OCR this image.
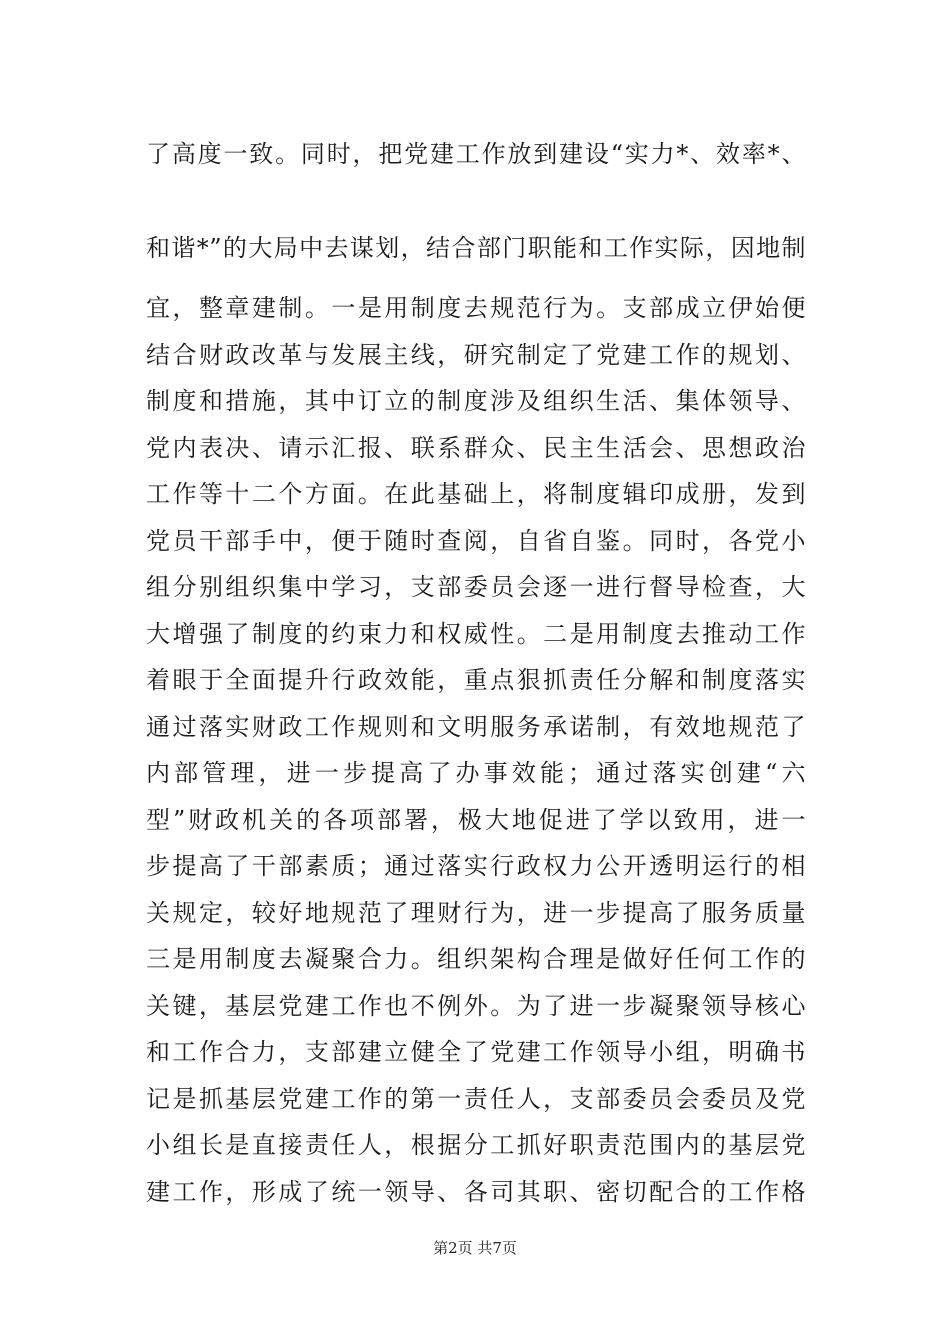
了高度一致。同时，把党建工作放到建设“实力*、效率*、
和谐*”的大局中去谋划，结合部门职能和工作实际，因地制
宜，整章建制。一是用制度去规范行为。支部成立伊始便
结合财政改革与发展主线，研究制定了党建工作的规划、
制度和措施，其中订立的制度涉及组织生活、集体领导、
党内表决、请示汇报、联系群众、民主生活会、思想政治
工作等十二个方面。在此基础上，将制度辑印成册，发到
党员干部手中，便于随时查阅，自省自鉴。同时，各党小
组分别组织集中学习，支部委员会逐一进行督导检查，大
大增强了制度的约束力和权威性。二是用制度去推动工作
着眼于全面提升行政效能，重点狠抓责任分解和制度落实
通过落实财政工作规则和文明服务承诺制，有效地规范了
内部管理，进一步提高了办事效能；通过落实创建“六
型”财政机关的各项部署，极大地促进了学以致用，进一
步提高了干部素质；通过落实行政权力公开透明运行的相
关规定，较好地规范了理财行为，进一步提高了服务质量
三是用制度去凝聚合力。组织架构合理是做好任何工作的
关键，基层党建工作也不例外。为了进一步凝聚领导核心
和工作合力，支部建立健全了党建工作领导小组，明确书
记是抓基层党建工作的第一责任人，支部委员会委员及党
小组长是直接责任人，根据分工抓好职责范围内的基层党
建工作，形成了统一领导、各司其职、密切配合的工作格
第2页 共7页
